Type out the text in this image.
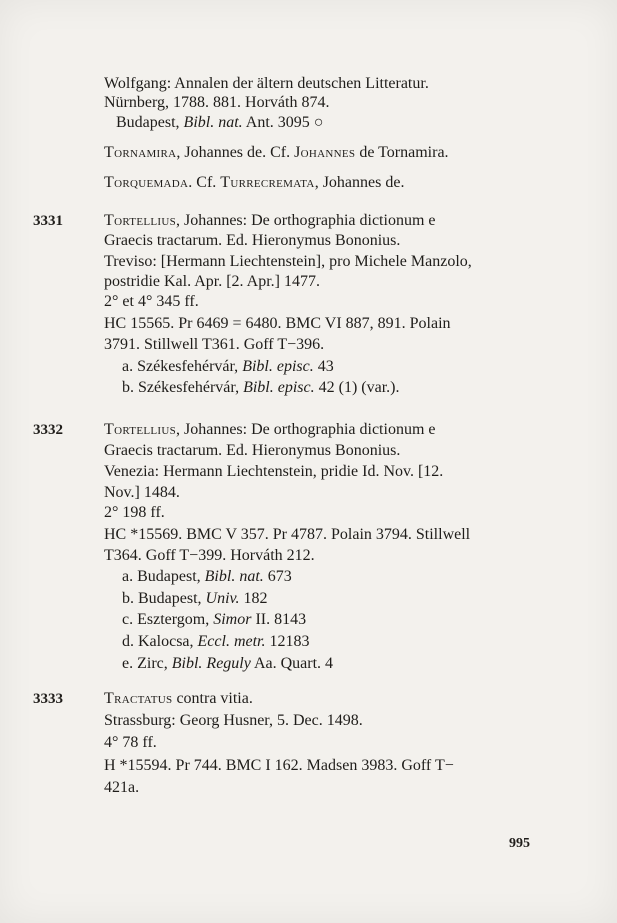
Wolfgang: Annalen der ältern deutschen Litteratur.
Nürnberg, 1788. 881. Horváth 874.
Budapest, Bibl. nat. Ant. 3095 ○
Tornamira, Johannes de. Cf. Johannes de Tornamira.
Torquemada. Cf. Turrecremata, Johannes de.
3331	Tortellius, Johannes: De orthographia dictionum e
Graecis tractarum. Ed. Hieronymus Bononius.
Treviso: [Hermann Liechtenstein], pro Michele Manzolo,
postridie Kal. Apr. [2. Apr.] 1477.
2° et 4° 345 ff.
HC 15565. Pr 6469 = 6480. BMC VI 887, 891. Polain
3791. Stillwell T361. Goff T−396.
a. Székesfehérvár, Bibl. episc. 43
b. Székesfehérvár, Bibl. episc. 42 (1) (var.).
3332	Tortellius, Johannes: De orthographia dictionum e
Graecis tractarum. Ed. Hieronymus Bononius.
Venezia: Hermann Liechtenstein, pridie Id. Nov. [12.
Nov.] 1484.
2° 198 ff.
HC *15569. BMC V 357. Pr 4787. Polain 3794. Stillwell
T364. Goff T−399. Horváth 212.
a. Budapest, Bibl. nat. 673
b. Budapest, Univ. 182
c. Esztergom, Simor II. 8143
d. Kalocsa, Eccl. metr. 12183
e. Zirc, Bibl. Reguly Aa. Quart. 4
3333	Tractatus contra vitia.
Strassburg: Georg Husner, 5. Dec. 1498.
4° 78 ff.
H *15594. Pr 744. BMC I 162. Madsen 3983. Goff T−
421a.
995
